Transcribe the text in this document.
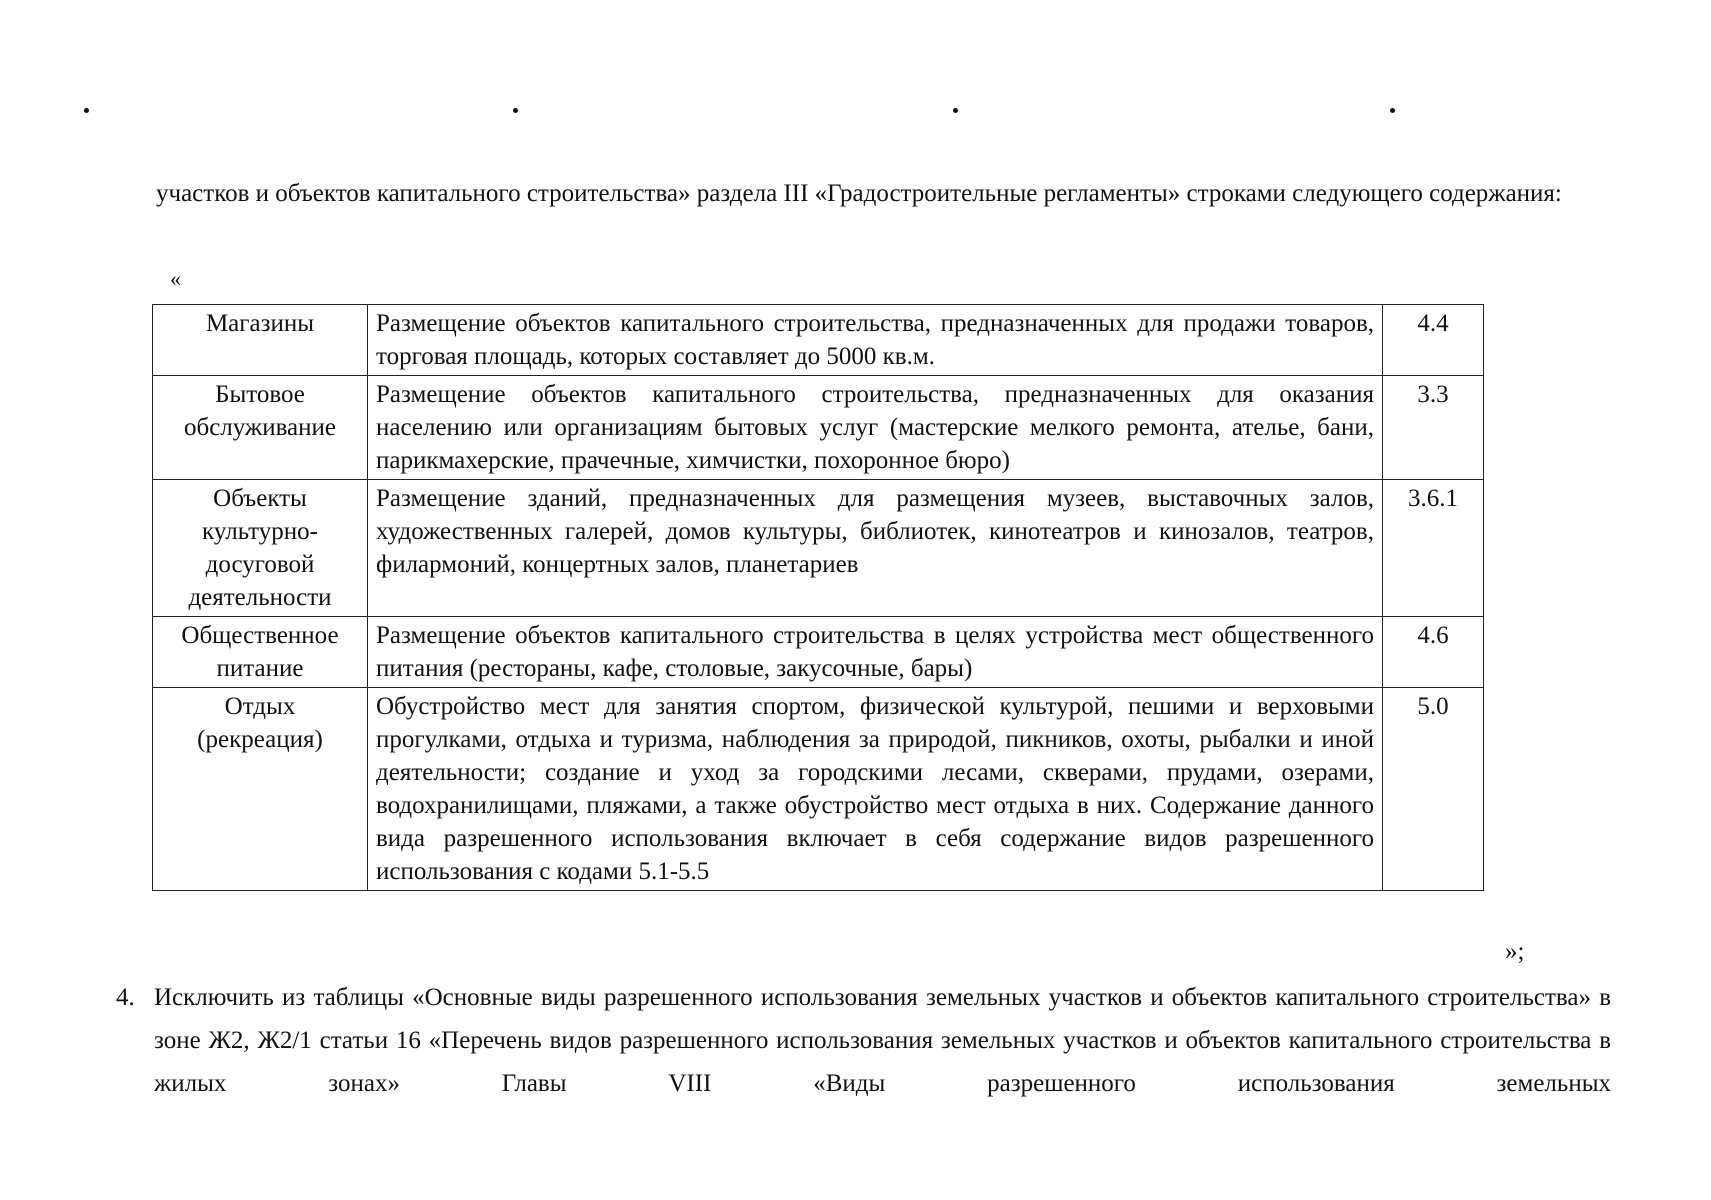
участков и объектов капитального строительства» раздела III «Градостроительные регламенты» строками следующего содержания:
«
Магазины	Размещение объектов капитального строительства, предназначенных для продажи товаров, торговая площадь, которых составляет до 5000 кв.м.	4.4
Бытовое обслуживание	Размещение объектов капитального строительства, предназначенных для оказания населению или организациям бытовых услуг (мастерские мелкого ремонта, ателье, бани, парикмахерские, прачечные, химчистки, похоронное бюро)	3.3
Объекты культурно-досуговой деятельности	Размещение зданий, предназначенных для размещения музеев, выставочных залов, художественных галерей, домов культуры, библиотек, кинотеатров и кинозалов, театров, филармоний, концертных залов, планетариев	3.6.1
Общественное питание	Размещение объектов капитального строительства в целях устройства мест общественного питания (рестораны, кафе, столовые, закусочные, бары)	4.6
Отдых (рекреация)	Обустройство мест для занятия спортом, физической культурой, пешими и верховыми прогулками, отдыха и туризма, наблюдения за природой, пикников, охоты, рыбалки и иной деятельности; создание и уход за городскими лесами, скверами, прудами, озерами, водохранилищами, пляжами, а также обустройство мест отдыха в них. Содержание данного вида разрешенного использования включает в себя содержание видов разрешенного использования с кодами 5.1-5.5	5.0
»;
4. Исключить из таблицы «Основные виды разрешенного использования земельных участков и объектов капитального строительства» в зоне Ж2, Ж2/1 статьи 16 «Перечень видов разрешенного использования земельных участков и объектов капитального строительства в жилых зонах» Главы VIII «Виды разрешенного использования земельных
